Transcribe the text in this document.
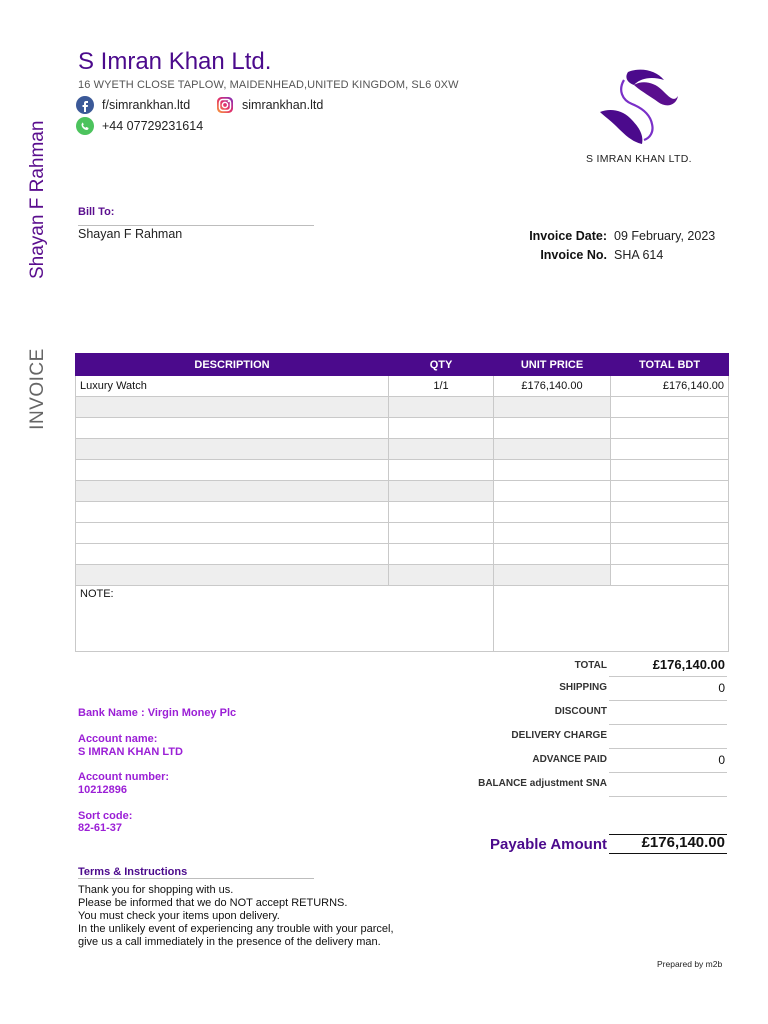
S Imran Khan Ltd.
16 WYETH CLOSE TAPLOW, MAIDENHEAD,UNITED KINGDOM, SL6 0XW
f/simrankhan.ltd	simrankhan.ltd
+44 07729231614
S IMRAN KHAN LTD.
Shayan F Rahman
INVOICE
Bill To:
Shayan F Rahman	Invoice Date: 09 February, 2023
Invoice No. SHA 614
DESCRIPTION	QTY	UNIT PRICE	TOTAL BDT
Luxury Watch	1/1	£176,140.00	£176,140.00

NOTE:			
TOTAL	£176,140.00
SHIPPING	0
DISCOUNT
DELIVERY CHARGE
ADVANCE PAID	0
BALANCE adjustment SNA
Payable Amount	£176,140.00
Bank Name : Virgin Money Plc
Account name:
S IMRAN KHAN LTD
Account number:
10212896
Sort code:
82-61-37
Terms & Instructions
Thank you for shopping with us.
Please be informed that we do NOT accept RETURNS.
You must check your items upon delivery.
In the unlikely event of experiencing any trouble with your parcel,
give us a call immediately in the presence of the delivery man.
Prepared by m2b
